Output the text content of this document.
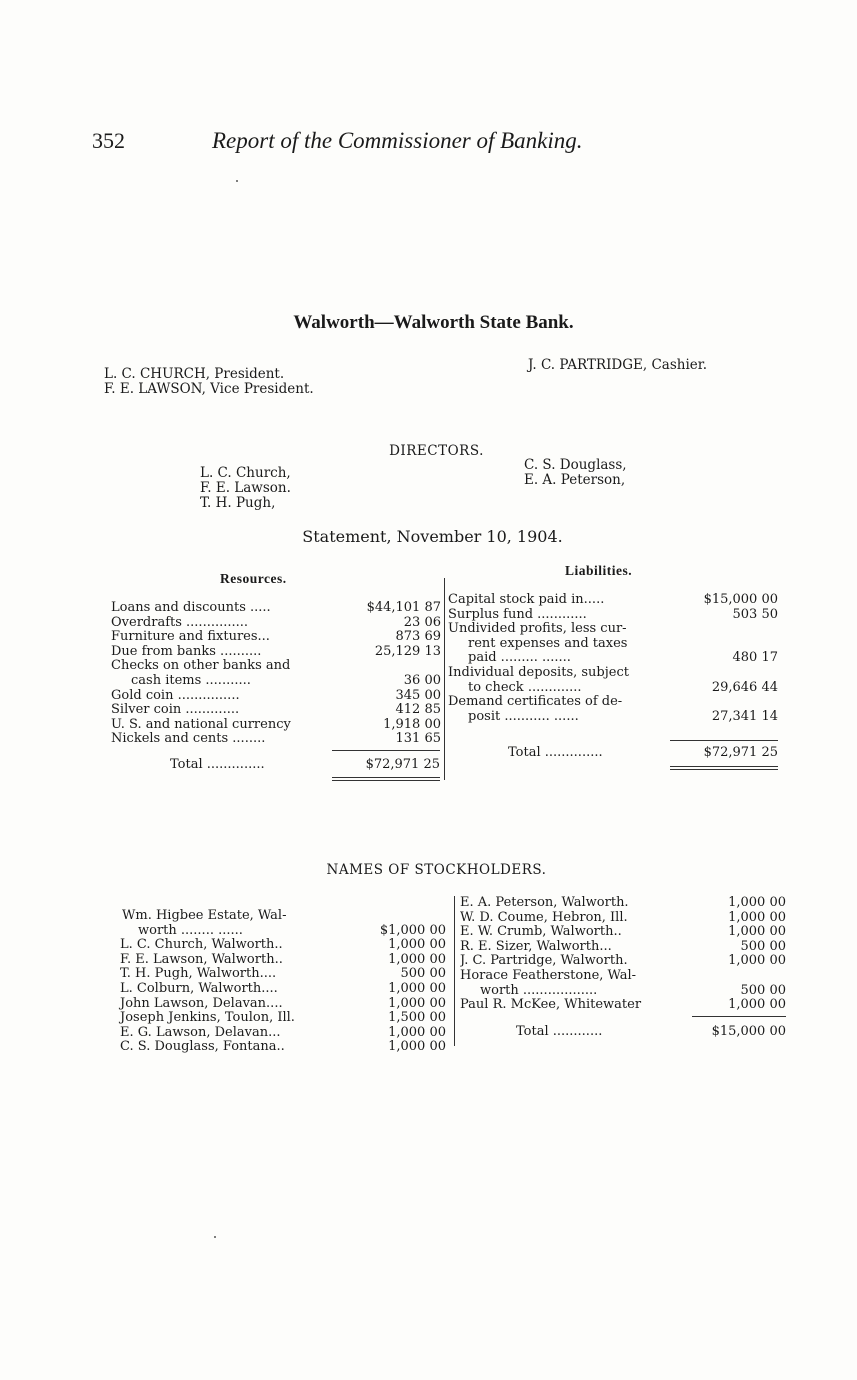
352	Report of the Commissioner of Banking.
Walworth—Walworth State Bank.
L. C. CHURCH, President.
F. E. LAWSON, Vice President.
J. C. PARTRIDGE, Cashier.
DIRECTORS.
L. C. Church,
F. E. Lawson.
T. H. Pugh,
C. S. Douglass,
E. A. Peterson,
Statement, November 10, 1904.
Resources.
Liabilities.
Loans and discounts .....	$44,101 87
Overdrafts ...............	23 06
Furniture and fixtures...	873 69
Due from banks ..........	25,129 13
Checks on other banks and
cash items ...........	36 00
Gold coin ...............	345 00
Silver coin .............	412 85
U. S. and national currency	1,918 00
Nickels and cents ........	131 65
Total ..............	$72,971 25
Capital stock paid in.....	$15,000 00
Surplus fund ............	503 50
Undivided profits, less cur-
rent expenses and taxes
paid ......... .......	480 17
Individual deposits, subject
to check .............	29,646 44
Demand certificates of de-
posit ........... ......	27,341 14
Total ..............	$72,971 25
NAMES OF STOCKHOLDERS.
Wm. Higbee Estate, Wal-
worth ........ ......	$1,000 00
L. C. Church, Walworth..	1,000 00
F. E. Lawson, Walworth..	1,000 00
T. H. Pugh, Walworth....	500 00
L. Colburn, Walworth....	1,000 00
John Lawson, Delavan....	1,000 00
Joseph Jenkins, Toulon, Ill.	1,500 00
E. G. Lawson, Delavan...	1,000 00
C. S. Douglass, Fontana..	1,000 00
E. A. Peterson, Walworth.	1,000 00
W. D. Coume, Hebron, Ill.	1,000 00
E. W. Crumb, Walworth..	1,000 00
R. E. Sizer, Walworth...	500 00
J. C. Partridge, Walworth.	1,000 00
Horace Featherstone, Wal-
worth ..................	500 00
Paul R. McKee, Whitewater	1,000 00
Total ............	$15,000 00
